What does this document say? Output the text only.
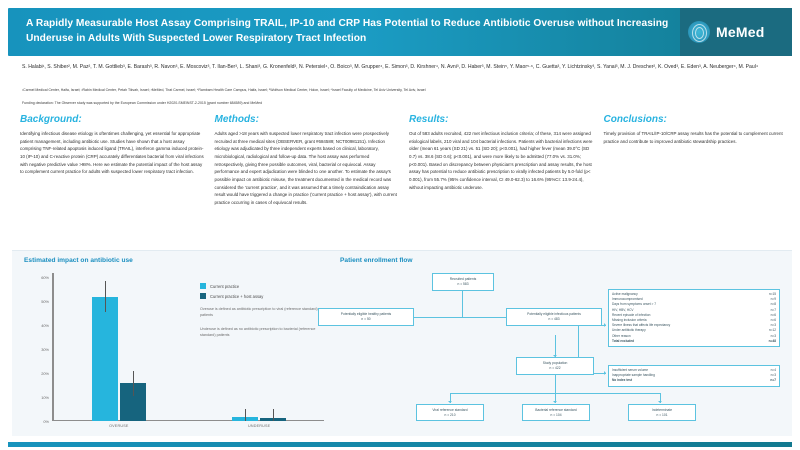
A Rapidly Measurable Host Assay Comprising TRAIL, IP-10 and CRP Has Potential to Reduce Antibiotic Overuse without Increasing Underuse in Adults With Suspected Lower Respiratory Tract Infection	MeMed
S. Halabi¹, S. Shiber², M. Paz², T. M. Gottlieb³, E. Barash³, R. Navon³, E. Moscoviz³, T. Ilan-Ber³, L. Shani³, G. Kronenfeld³, N. Petersiel⁴, O. Boico³, M. Grupper⁴, E. Simon³, D. Kirshner⁴, N. Avni³, D. Haber³, M. Stein⁵, Y. Maor⁵·⁶, C. Guetta³, Y. Lichtzinsky³, S. Yanai³, M. J. Drescher², K. Oved³, E. Eden³, A. Neuberger⁴, M. Paul⁴
¹Carmel Medical Center, Haifa, Israel; ²Rabin Medical Center, Petah Tikvah, Israel; ³MeMed, Tirat Carmel, Israel; ⁴Rambam Health Care Campus, Haifa, Israel; ⁵Wolfson Medical Center, Holon, Israel; ⁶Israel Faculty of Medicine, Tel Aviv University, Tel Aviv, Israel
Funding declaration: The Observer study was supported by the European Commission under H2020-SMEINST-2-2015 (grant number 684589) and MeMed
Background:
Identifying infectious disease etiology is oftentimes challenging, yet essential for appropriate patient management, including antibiotic use. Studies have shown that a host assay comprising TNF-related apoptosis induced ligand (TRAIL), interferon gamma induced protein-10 (IP-10) and C-reactive protein (CRP) accurately differentiates bacterial from viral infections with negative predictive value >98%. Here we estimate the potential impact of the host assay to complement current practice for adults with suspected lower respiratory tract infection.
Methods:
Adults aged >18 years with suspected lower respiratory tract infection were prospectively recruited at three medical sites (OBSERVER, grant #684589; NCT00981151). Infection etiology was adjudicated by three independent experts based on clinical, laboratory, microbiological, radiological and follow-up data. The host assay was performed retrospectively, giving three possible outcomes, viral, bacterial or equivocal. Assay performance and expert adjudication were blinded to one another. To estimate the assay's possible impact on antibiotic misuse, the treatment documented in the medical record was considered the 'current practice', and it was assumed that a timely contraindication assay result would have triggered a change in practice ('current practice + host assay'), with current practice occurring in cases of equivocal results.
Results:
Out of 583 adults recruited, 422 met infectious inclusion criteria; of these, 314 were assigned etiological labels, 210 viral and 104 bacterial infections. Patients with bacterial infections were older (mean 61 years (SD 21) vs. 51 (SD 20); p<0.001), had higher fever (mean 39.0°C (SD 0.7) vs. 38.6 (SD 0.6); p<0.001), and were more likely to be admitted (77.0% vs. 31.0%; p<0.001). Based on discrepancy between physician's prescription and assay results, the host assay has potential to reduce antibiotic prescription to virally infected patients by 5.0-fold (p< 0.001), from 55.7% (95% confidence interval, CI 49.0-62.3) to 16.6% (95%CI: 13.9-24.4), without impacting antibiotic underuse.
Conclusions:
Timely provision of TRAIL/IP-10/CRP assay results has the potential to complement current practice and contribute to improved antibiotic stewardship practices.
Estimated impact on antibiotic use	Patient enrollment flow
0%
10%
20%
30%
40%
50%
60%
OVERUSE	UNDERUSE
Current practice
Current practice + host assay
Overuse is defined as antibiotic prescription to viral (reference standard) patients
Underuse is defined as no antibiotic prescription to bacterial (reference standard) patients
Recruited patients
n = 583
Potentially eligible healthy patients
n = 50
Potentially eligible infectious patients
n = 483
Study population
n = 422
Viral reference standard
n = 210
Bacterial reference standard
n = 104
Indeterminate
n = 101
Active malignancy	n=15
Immunocompromised	n=9
Days from symptoms onset > 7	n=8
HIV, HBV, HCV	n=7
Recent episode of infection	n=6
Missing inclusion criteria	n=6
Severe illness that affects life expectancy	n=3
Under antibiotic therapy	n=12
Other reason	n=3
Total excluded	n=48
Insufficient serum volume	n=4
Inappropriate sample handling	n=3
No index test	n=7
